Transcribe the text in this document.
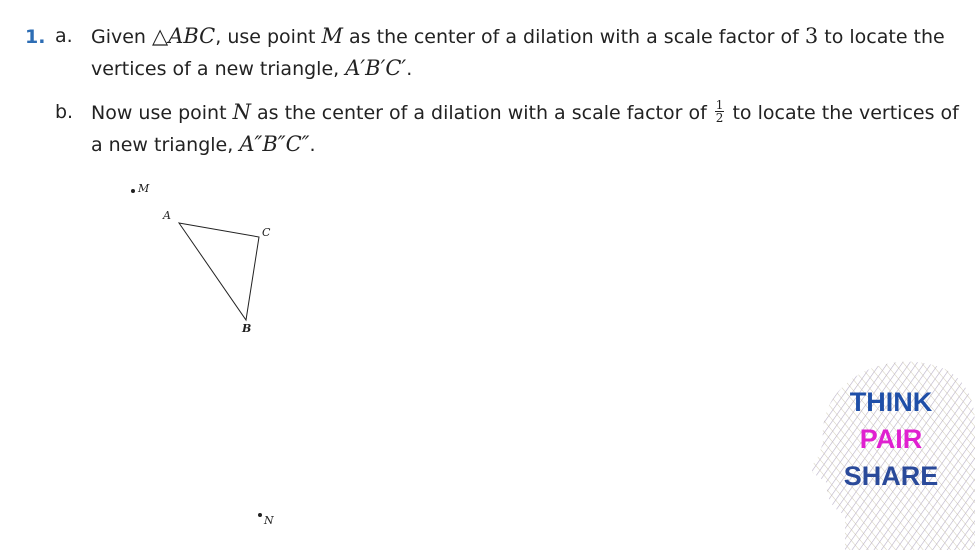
1. a. Given △ABC, use point M as the center of a dilation with a scale factor of 3 to locate the
vertices of a new triangle, A′B′C′.
b. Now use point N as the center of a dilation with a scale factor of $\frac{1}{2}$ to locate the vertices of
a new triangle, A″B″C″.
M
A
C
B
N
THINK
PAIR
SHARE
